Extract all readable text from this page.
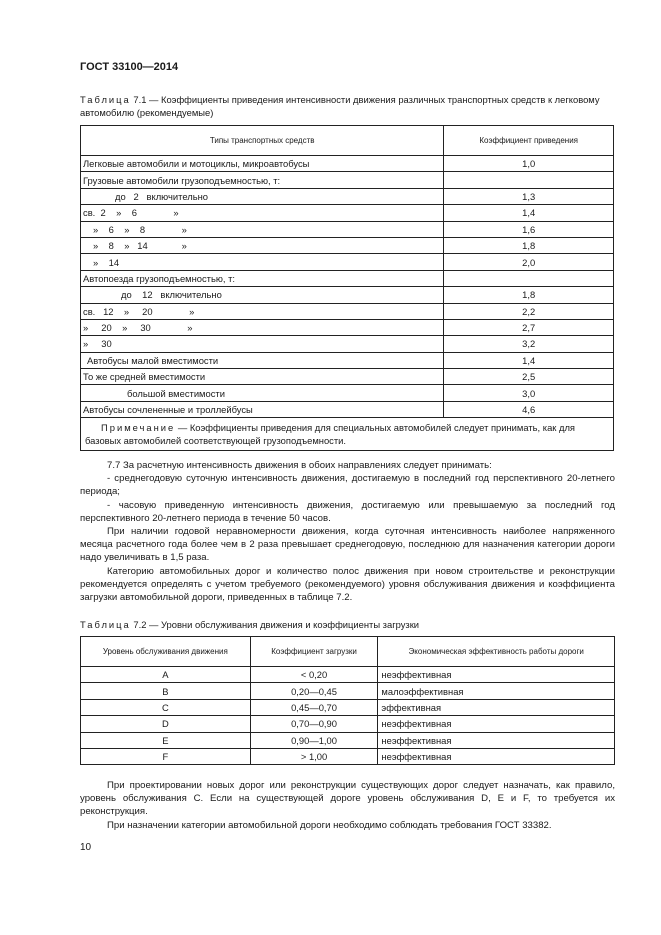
ГОСТ 33100—2014
Таблица 7.1 — Коэффициенты приведения интенсивности движения различных транспортных средств к легковому автомобилю (рекомендуемые)
Типы транспортных средств	Коэффициент приведения
Легковые автомобили и мотоциклы, микроавтобусы	1,0
Грузовые автомобили грузоподъемностью, т:	
до   2   включительно	1,3
св.  2    »    6              »	1,4
»    6    »    8              »	1,6
»    8    »   14             »	1,8
»    14	2,0
Автопоезда грузоподъемностью, т:	
до    12   включительно	1,8
св.   12    »     20              »	2,2
»     20    »     30              »	2,7
»     30	3,2
Автобусы малой вместимости	1,4
То же средней вместимости	2,5
большой вместимости	3,0
Автобусы сочлененные и троллейбусы	4,6
Примечание — Коэффициенты приведения для специальных автомобилей следует принимать, как для базовых автомобилей соответствующей грузоподъемности.	

7.7 За расчетную интенсивность движения в обоих направлениях следует принимать:

- среднегодовую суточную интенсивность движения, достигаемую в последний год перспективного 20-летнего периода;

- часовую приведенную интенсивность движения, достигаемую или превышаемую за последний год перспективного 20-летнего периода в течение 50 часов.

При наличии годовой неравномерности движения, когда суточная интенсивность наиболее напряженного месяца расчетного года более чем в 2 раза превышает среднегодовую, последнюю для назначения категории дороги надо увеличивать в 1,5 раза.

Категорию автомобильных дорог и количество полос движения при новом строительстве и реконструкции рекомендуется определять с учетом требуемого (рекомендуемого) уровня обслуживания движения и коэффициента загрузки автомобильной дороги, приведенных в таблице 7.2.

Таблица 7.2 — Уровни обслуживания движения и коэффициенты загрузки
Уровень обслуживания движения	Коэффициент загрузки	Экономическая эффективность работы дороги
A	< 0,20	неэффективная
B	0,20—0,45	малоэффективная
C	0,45—0,70	эффективная
D	0,70—0,90	неэффективная
E	0,90—1,00	неэффективная
F	> 1,00	неэффективная

При проектировании новых дорог или реконструкции существующих дорог следует назначать, как правило, уровень обслуживания С. Если на существующей дороге уровень обслуживания D, E и F, то требуется их реконструкция.

При назначении категории автомобильной дороги необходимо соблюдать требования ГОСТ 33382.

10
